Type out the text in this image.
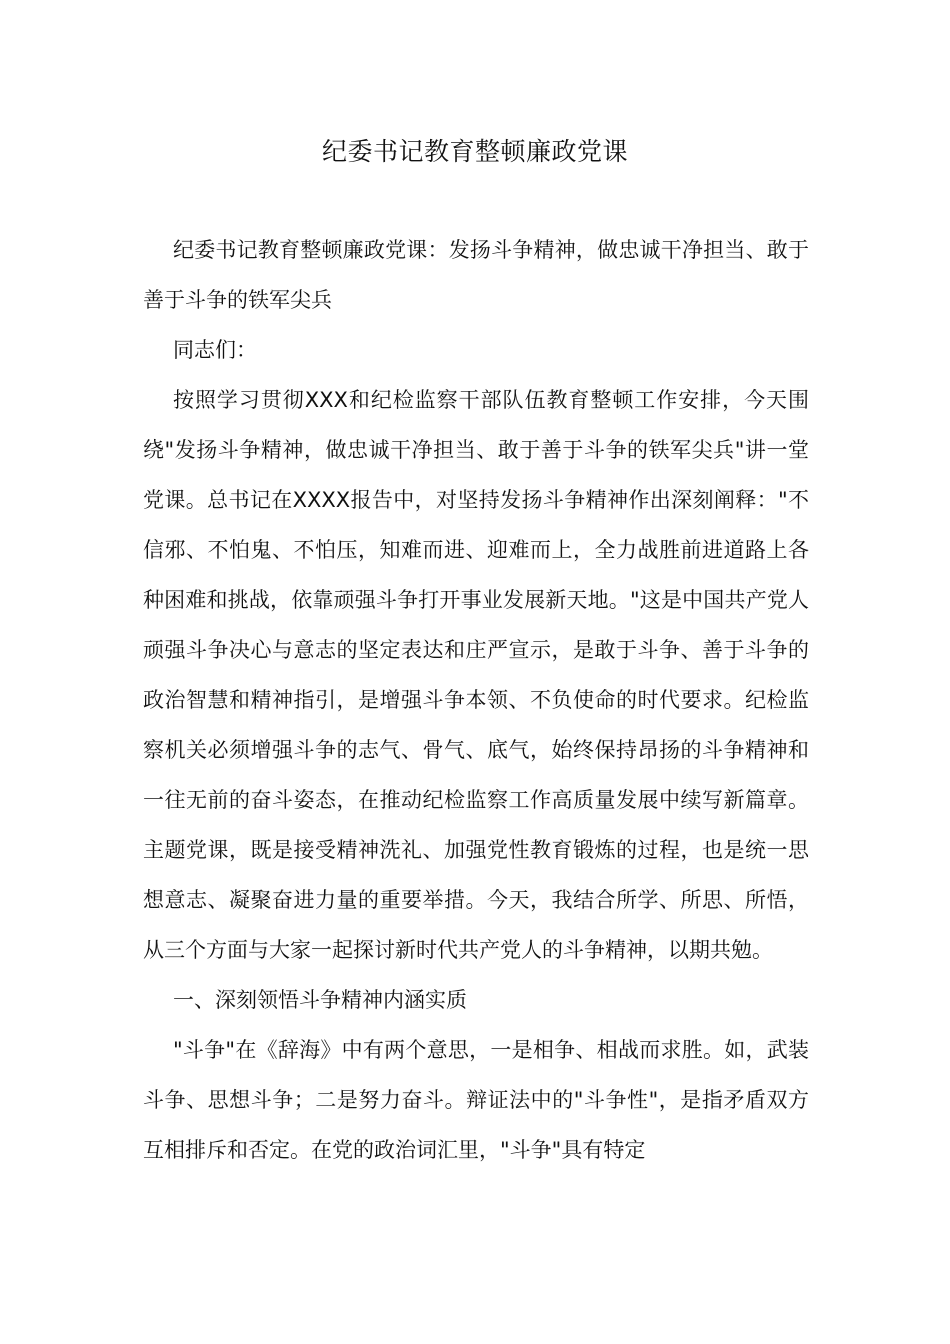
纪委书记教育整顿廉政党课

纪委书记教育整顿廉政党课：发扬斗争精神，做忠诚干净担当、敢于善于斗争的铁军尖兵

同志们：

按照学习贯彻XXX和纪检监察干部队伍教育整顿工作安排，今天围绕"发扬斗争精神，做忠诚干净担当、敢于善于斗争的铁军尖兵"讲一堂党课。总书记在XXXX报告中，对坚持发扬斗争精神作出深刻阐释："不信邪、不怕鬼、不怕压，知难而进、迎难而上，全力战胜前进道路上各种困难和挑战，依靠顽强斗争打开事业发展新天地。"这是中国共产党人顽强斗争决心与意志的坚定表达和庄严宣示，是敢于斗争、善于斗争的政治智慧和精神指引，是增强斗争本领、不负使命的时代要求。纪检监察机关必须增强斗争的志气、骨气、底气，始终保持昂扬的斗争精神和一往无前的奋斗姿态，在推动纪检监察工作高质量发展中续写新篇章。主题党课，既是接受精神洗礼、加强党性教育锻炼的过程，也是统一思想意志、凝聚奋进力量的重要举措。今天，我结合所学、所思、所悟，从三个方面与大家一起探讨新时代共产党人的斗争精神，以期共勉。

一、深刻领悟斗争精神内涵实质

"斗争"在《辞海》中有两个意思，一是相争、相战而求胜。如，武装斗争、思想斗争；二是努力奋斗。辩证法中的"斗争性"，是指矛盾双方互相排斥和否定。在党的政治词汇里，"斗争"具有特定
